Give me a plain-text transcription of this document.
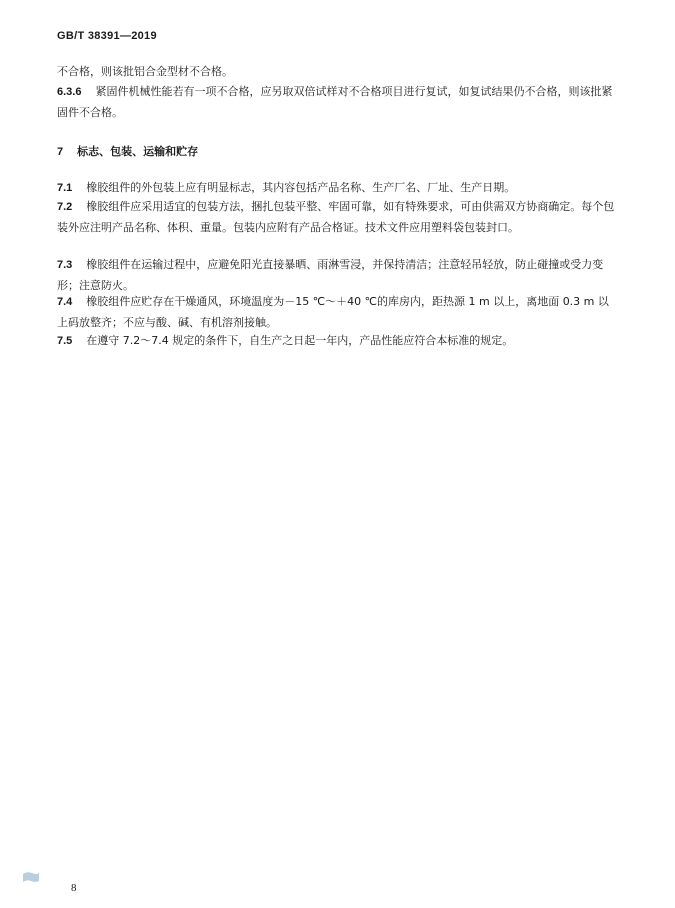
GB/T 38391—2019
不合格，则该批铝合金型材不合格。
6.3.6 紧固件机械性能若有一项不合格，应另取双倍试样对不合格项目进行复试，如复试结果仍不合格，则该批紧固件不合格。
7 标志、包装、运输和贮存
7.1 橡胶组件的外包装上应有明显标志，其内容包括产品名称、生产厂名、厂址、生产日期。
7.2 橡胶组件应采用适宜的包装方法，捆扎包装平整、牢固可靠，如有特殊要求，可由供需双方协商确定。每个包装外应注明产品名称、体积、重量。包装内应附有产品合格证。技术文件应用塑料袋包装封口。
7.3 橡胶组件在运输过程中，应避免阳光直接暴晒、雨淋雪浸，并保持清洁；注意轻吊轻放，防止碰撞或受力变形；注意防火。
7.4 橡胶组件应贮存在干燥通风，环境温度为－15 ℃～＋40 ℃的库房内，距热源 1 m 以上，离地面 0.3 m 以上码放整齐；不应与酸、碱、有机溶剂接触。
7.5 在遵守 7.2～7.4 规定的条件下，自生产之日起一年内，产品性能应符合本标准的规定。
8
